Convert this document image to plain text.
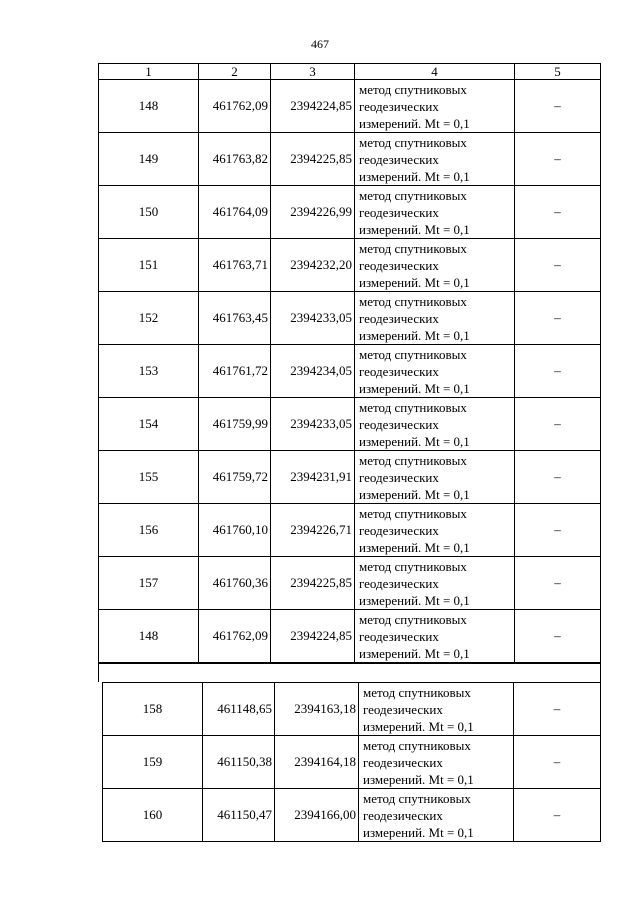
467
1	2	3	4	5
148	461762,09	2394224,85	метод спутниковых
геодезических
измерений. Mt = 0,1	–
149	461763,82	2394225,85	метод спутниковых
геодезических
измерений. Mt = 0,1	–
150	461764,09	2394226,99	метод спутниковых
геодезических
измерений. Mt = 0,1	–
151	461763,71	2394232,20	метод спутниковых
геодезических
измерений. Mt = 0,1	–
152	461763,45	2394233,05	метод спутниковых
геодезических
измерений. Mt = 0,1	–
153	461761,72	2394234,05	метод спутниковых
геодезических
измерений. Mt = 0,1	–
154	461759,99	2394233,05	метод спутниковых
геодезических
измерений. Mt = 0,1	–
155	461759,72	2394231,91	метод спутниковых
геодезических
измерений. Mt = 0,1	–
156	461760,10	2394226,71	метод спутниковых
геодезических
измерений. Mt = 0,1	–
157	461760,36	2394225,85	метод спутниковых
геодезических
измерений. Mt = 0,1	–
148	461762,09	2394224,85	метод спутниковых
геодезических
измерений. Mt = 0,1	–
158	461148,65	2394163,18	метод спутниковых
геодезических
измерений. Mt = 0,1	–
159	461150,38	2394164,18	метод спутниковых
геодезических
измерений. Mt = 0,1	–
160	461150,47	2394166,00	метод спутниковых
геодезических
измерений. Mt = 0,1	–
